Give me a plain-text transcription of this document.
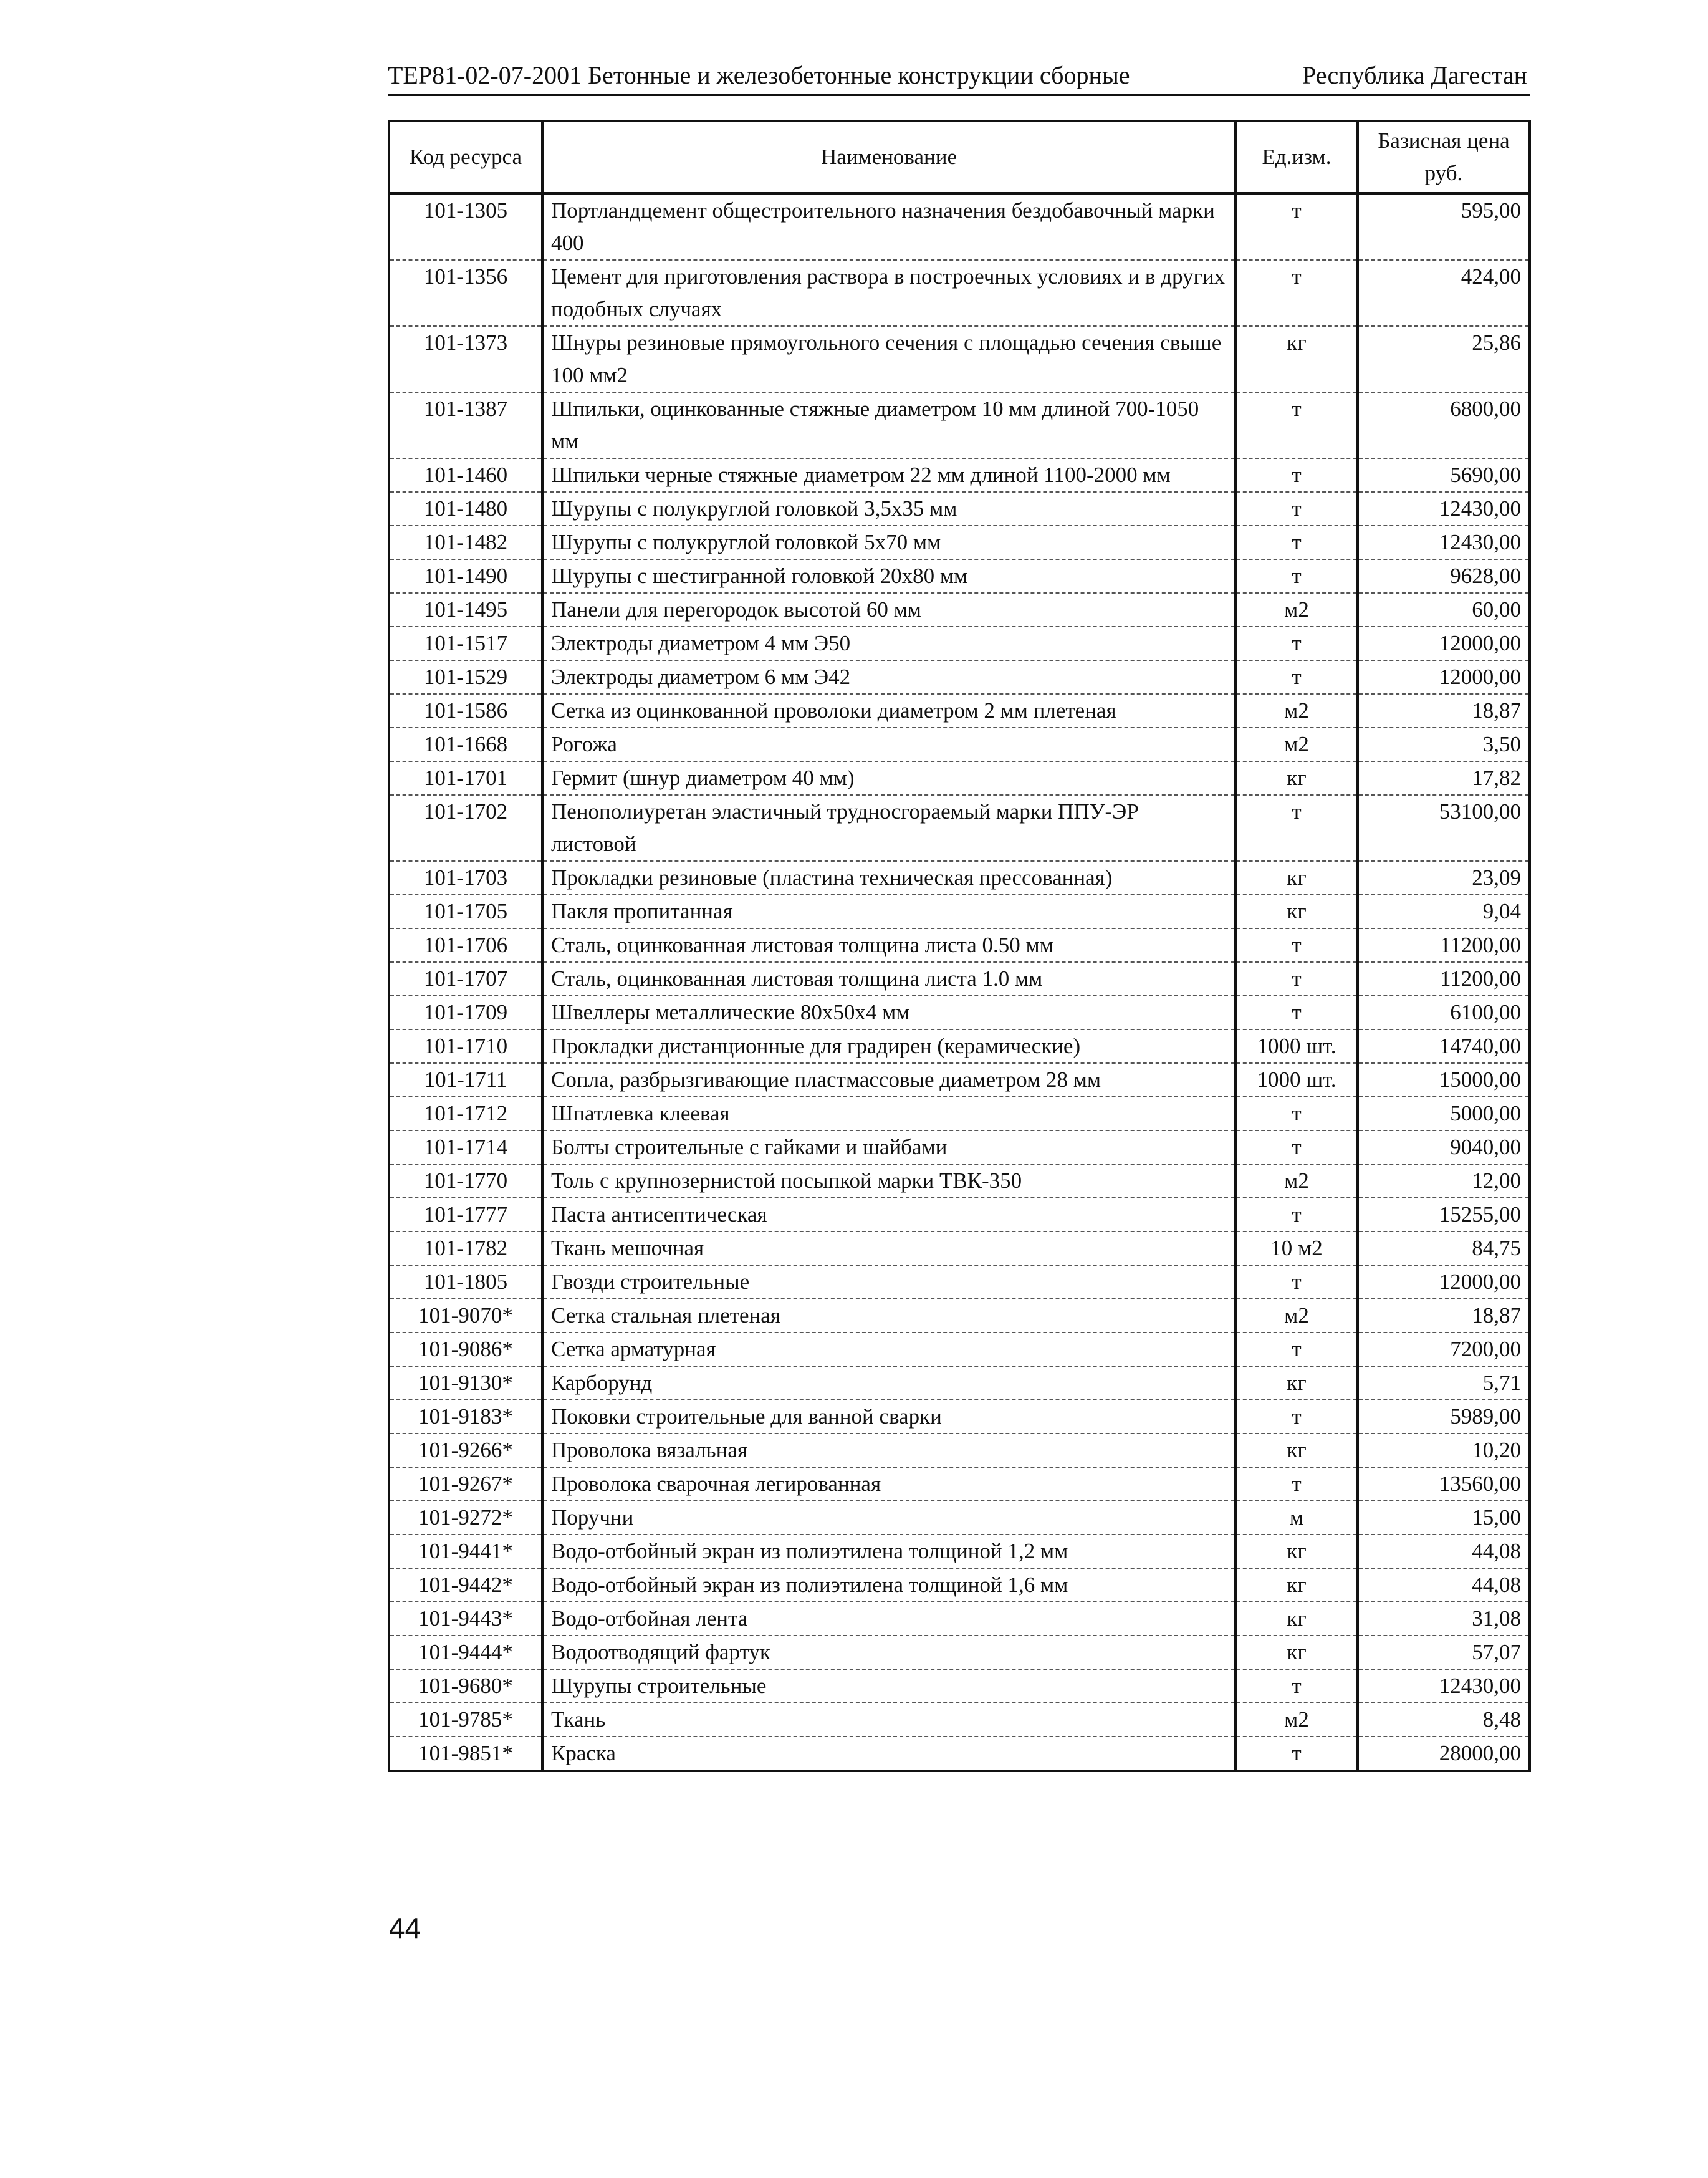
ТЕР81-02-07-2001 Бетонные и железобетонные конструкции сборные	Республика Дагестан
Код ресурса	Наименование	Ед.изм.	Базисная цена руб.
101-1305	Портландцемент общестроительного назначения бездобавочный марки 400	т	595,00
101-1356	Цемент для приготовления раствора в построечных условиях и в других подобных случаях	т	424,00
101-1373	Шнуры резиновые прямоугольного сечения с площадью сечения свыше 100 мм2	кг	25,86
101-1387	Шпильки, оцинкованные стяжные диаметром 10 мм длиной 700-1050 мм	т	6800,00
101-1460	Шпильки черные стяжные диаметром 22 мм длиной 1100-2000 мм	т	5690,00
101-1480	Шурупы с полукруглой головкой 3,5х35 мм	т	12430,00
101-1482	Шурупы с полукруглой головкой 5х70 мм	т	12430,00
101-1490	Шурупы с шестигранной головкой 20х80 мм	т	9628,00
101-1495	Панели для перегородок высотой 60 мм	м2	60,00
101-1517	Электроды диаметром 4 мм Э50	т	12000,00
101-1529	Электроды диаметром 6 мм Э42	т	12000,00
101-1586	Сетка из оцинкованной проволоки диаметром 2 мм плетеная	м2	18,87
101-1668	Рогожа	м2	3,50
101-1701	Гермит (шнур диаметром 40 мм)	кг	17,82
101-1702	Пенополиуретан эластичный трудносгораемый марки ППУ-ЭР листовой	т	53100,00
101-1703	Прокладки резиновые (пластина техническая прессованная)	кг	23,09
101-1705	Пакля пропитанная	кг	9,04
101-1706	Сталь, оцинкованная листовая толщина листа 0.50 мм	т	11200,00
101-1707	Сталь, оцинкованная листовая толщина листа 1.0 мм	т	11200,00
101-1709	Швеллеры металлические 80х50х4 мм	т	6100,00
101-1710	Прокладки дистанционные для градирен (керамические)	1000 шт.	14740,00
101-1711	Сопла, разбрызгивающие пластмассовые диаметром 28 мм	1000 шт.	15000,00
101-1712	Шпатлевка клеевая	т	5000,00
101-1714	Болты строительные с гайками и шайбами	т	9040,00
101-1770	Толь с крупнозернистой посыпкой марки ТВК-350	м2	12,00
101-1777	Паста антисептическая	т	15255,00
101-1782	Ткань мешочная	10 м2	84,75
101-1805	Гвозди строительные	т	12000,00
101-9070*	Сетка стальная плетеная	м2	18,87
101-9086*	Сетка арматурная	т	7200,00
101-9130*	Карборунд	кг	5,71
101-9183*	Поковки строительные для ванной сварки	т	5989,00
101-9266*	Проволока вязальная	кг	10,20
101-9267*	Проволока сварочная легированная	т	13560,00
101-9272*	Поручни	м	15,00
101-9441*	Водо-отбойный экран из полиэтилена толщиной 1,2 мм	кг	44,08
101-9442*	Водо-отбойный экран из полиэтилена толщиной 1,6 мм	кг	44,08
101-9443*	Водо-отбойная лента	кг	31,08
101-9444*	Водоотводящий фартук	кг	57,07
101-9680*	Шурупы строительные	т	12430,00
101-9785*	Ткань	м2	8,48
101-9851*	Краска	т	28000,00
44
